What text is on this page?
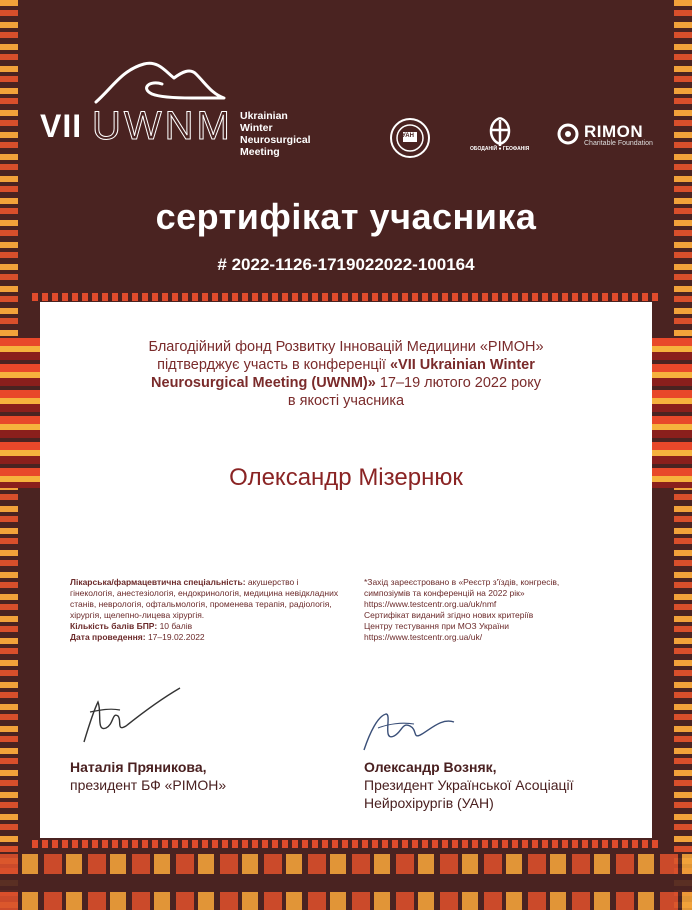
VII UWNM Ukrainian
Winter
Neurosurgical
Meeting
УАН
ОБОДАНІЙ ● ГЕОФАНІЯ
RIMON
Charitable Foundation
сертифікат учасника
# 2022-1126-1719022022-100164
Благодійний фонд Розвитку Інновацій Медицини «РІМОН»
підтверджує участь в конференції «VII Ukrainian Winter
Neurosurgical Meeting (UWNM)» 17–19 лютого 2022 року
в якості учасника
Олександр Мізернюк
Лікарська/фармацевтична спеціальність: акушерство і гінекологія, анестезіологія, ендокринологія, медицина невідкладних станів, неврологія, офтальмологія, променева терапія, радіологія, хірургія, щелепно-лицева хірургія.
Кількість балів БПР: 10 балів
Дата проведення: 17–19.02.2022
*Захід зареєстровано в «Реєстр з'їздів, конгресів,
симпозіумів та конференцій на 2022 рік»
https://www.testcentr.org.ua/uk/nmf
Сертифікат виданий згідно нових критеріїв
Центру тестування при МОЗ України
https://www.testcentr.org.ua/uk/
Наталія Пряникова,
президент БФ «РІМОН»
Олександр Возняк,
Президент Української Асоціації
Нейрохірургів (УАН)
